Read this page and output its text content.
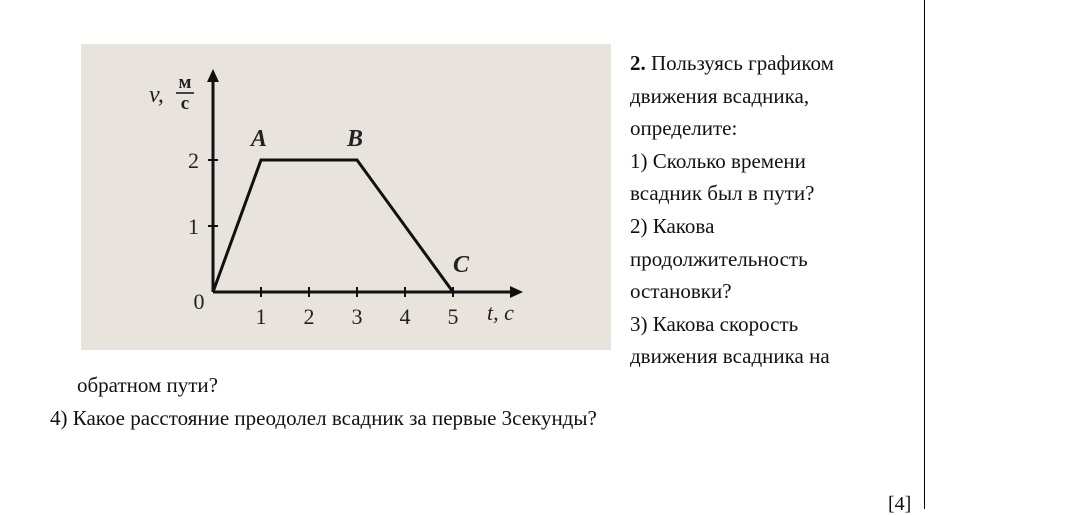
1 2 3 4 5
1
2
A	B
C
0	t, с
v, м
с
2. Пользуясь графиком
движения всадника,
определите:
1) Сколько времени
всадник был в пути?
2) Какова
продолжительность
остановки?
3) Какова скорость
движения всадника на
обратном пути?
4) Какое расстояние преодолел всадник за первые 3секунды?
[4]
